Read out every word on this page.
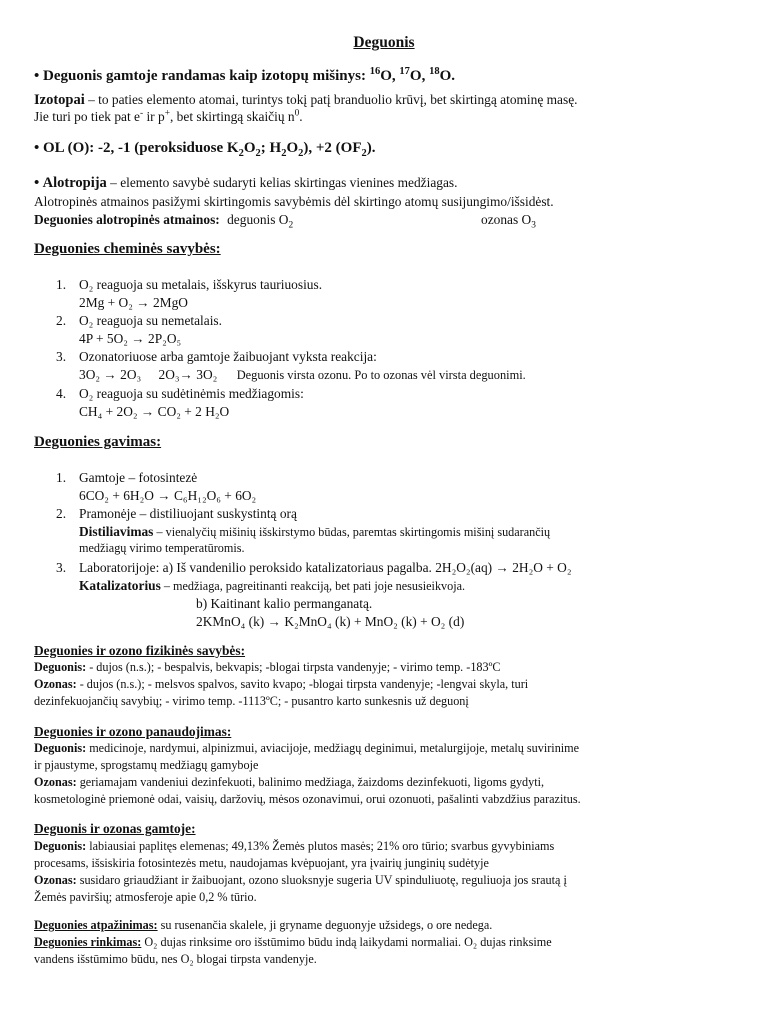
Deguonis
• Deguonis gamtoje randamas kaip izotopų mišinys: $^{16}$O, $^{17}$O, $^{18}$O.
Izotopai – to paties elemento atomai, turintys tokį patį branduolio krūvį, bet skirtingą atominę masę.
Jie turi po tiek pat e- ir p+, bet skirtingą skaičių $n^0$.
• OL (O): -2, -1 (peroksiduose $K_2O_2$; $H_2O_2$), +2 $(OF_2)$.
• Alotropija – elemento savybė sudaryti kelias skirtingas vienines medžiagas.
Alotropinės atmainos pasižymi skirtingomis savybėmis dėl skirtingo atomų susijungimo/išsidėst.
Deguonies alotropinės atmainos: deguonis $O_2$	ozonas $O_3$
Deguonies cheminės savybės:
1. O₂ reaguoja su metalais, išskyrus tauriuosius.
2Mg + O₂ → 2MgO
2. O₂ reaguoja su nemetalais.
4P + 5O₂ → 2P₂O₅
3. Ozonatoriuose arba gamtoje žaibuojant vyksta reakcija:
3O₂ → 2O₃ 2O₃→ 3O₂ Deguonis virsta ozonu. Po to ozonas vėl virsta deguonimi.
4. O₂ reaguoja su sudėtinėmis medžiagomis:
CH₄ + 2O₂ → CO₂ + 2 H₂O
Deguonies gavimas:
1. Gamtoje – fotosintezė
6CO₂ + 6H₂O → C₆H₁₂O₆ + 6O₂
2. Pramonėje – distiliuojant suskystintą orą
Distiliavimas – vienalyčių mišinių išskirstymo būdas, paremtas skirtingomis mišinį sudarančių
medžiagų virimo temperatūromis.
3. Laboratorijoje: a) Iš vandenilio peroksido katalizatoriaus pagalba. 2H₂O₂(aq) → 2H₂O + O₂
Katalizatorius – medžiaga, pagreitinanti reakciją, bet pati joje nesusieikvoja.
b) Kaitinant kalio permanganatą.
2KMnO₄ (k) → K₂MnO₄ (k) + MnO₂ (k) + O₂ (d)
Deguonies ir ozono fizikinės savybės:
Deguonis: - dujos (n.s.); - bespalvis, bekvapis; -blogai tirpsta vandenyje; - virimo temp. -183ºC
Ozonas: - dujos (n.s.); - melsvos spalvos, savito kvapo; -blogai tirpsta vandenyje; -lengvai skyla, turi
dezinfekuojančių savybių; - virimo temp. -1113ºC; - pusantro karto sunkesnis už deguonį
Deguonies ir ozono panaudojimas:
Deguonis: medicinoje, nardymui, alpinizmui, aviacijoje, medžiagų deginimui, metalurgijoje, metalų suvirinime
ir pjaustyme, sprogstamų medžiagų gamyboje
Ozonas: geriamajam vandeniui dezinfekuoti, balinimo medžiaga, žaizdoms dezinfekuoti, ligoms gydyti,
kosmetologinė priemonė odai, vaisių, daržovių, mėsos ozonavimui, orui ozonuoti, pašalinti vabzdžius parazitus.
Deguonis ir ozonas gamtoje:
Deguonis: labiausiai paplitęs elemenas; 49,13% Žemės plutos masės; 21% oro tūrio; svarbus gyvybiniams
procesams, išsiskiria fotosintezės metu, naudojamas kvėpuojant, yra įvairių junginių sudėtyje
Ozonas: susidaro griaudžiant ir žaibuojant, ozono sluoksnyje sugeria UV spinduliuotę, reguliuoja jos srautą į
Žemės paviršių; atmosferoje apie 0,2 % tūrio.
Deguonies atpažinimas: su rusenančia skalele, ji gryname deguonyje užsidegs, o ore nedega.
Deguonies rinkimas: O₂ dujas rinksime oro išstūmimo būdu indą laikydami normaliai. O₂ dujas rinksime
vandens išstūmimo būdu, nes O₂ blogai tirpsta vandenyje.
